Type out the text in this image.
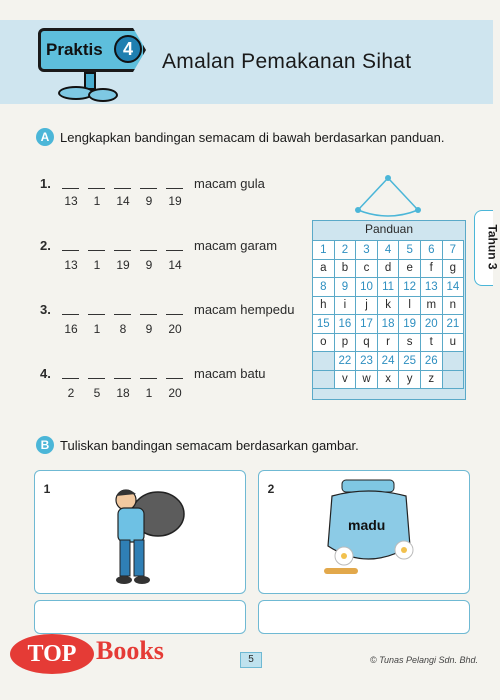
Praktis	4
Amalan Pemakanan Sihat
Tahun 3
A Lengkapkan bandingan semacam di bawah berdasarkan panduan.
1.	macam gula
13	1	14	9	19
2.	macam garam
13	1	19	9	14
3.	macam hempedu
16	1	8	9	20
4.	macam batu
2	5	18	1	20
Panduan
1	2	3	4	5	6	7
a	b	c	d	e	f	g
8	9	10	11	12	13	14
h	i	j	k	l	m	n
15	16	17	18	19	20	21
o	p	q	r	s	t	u
	22	23	24	25	26	
	v	w	x	y	z	
B Tuliskan bandingan semacam berdasarkan gambar.
1	2
madu
TOP Books	5	© Tunas Pelangi Sdn. Bhd.
